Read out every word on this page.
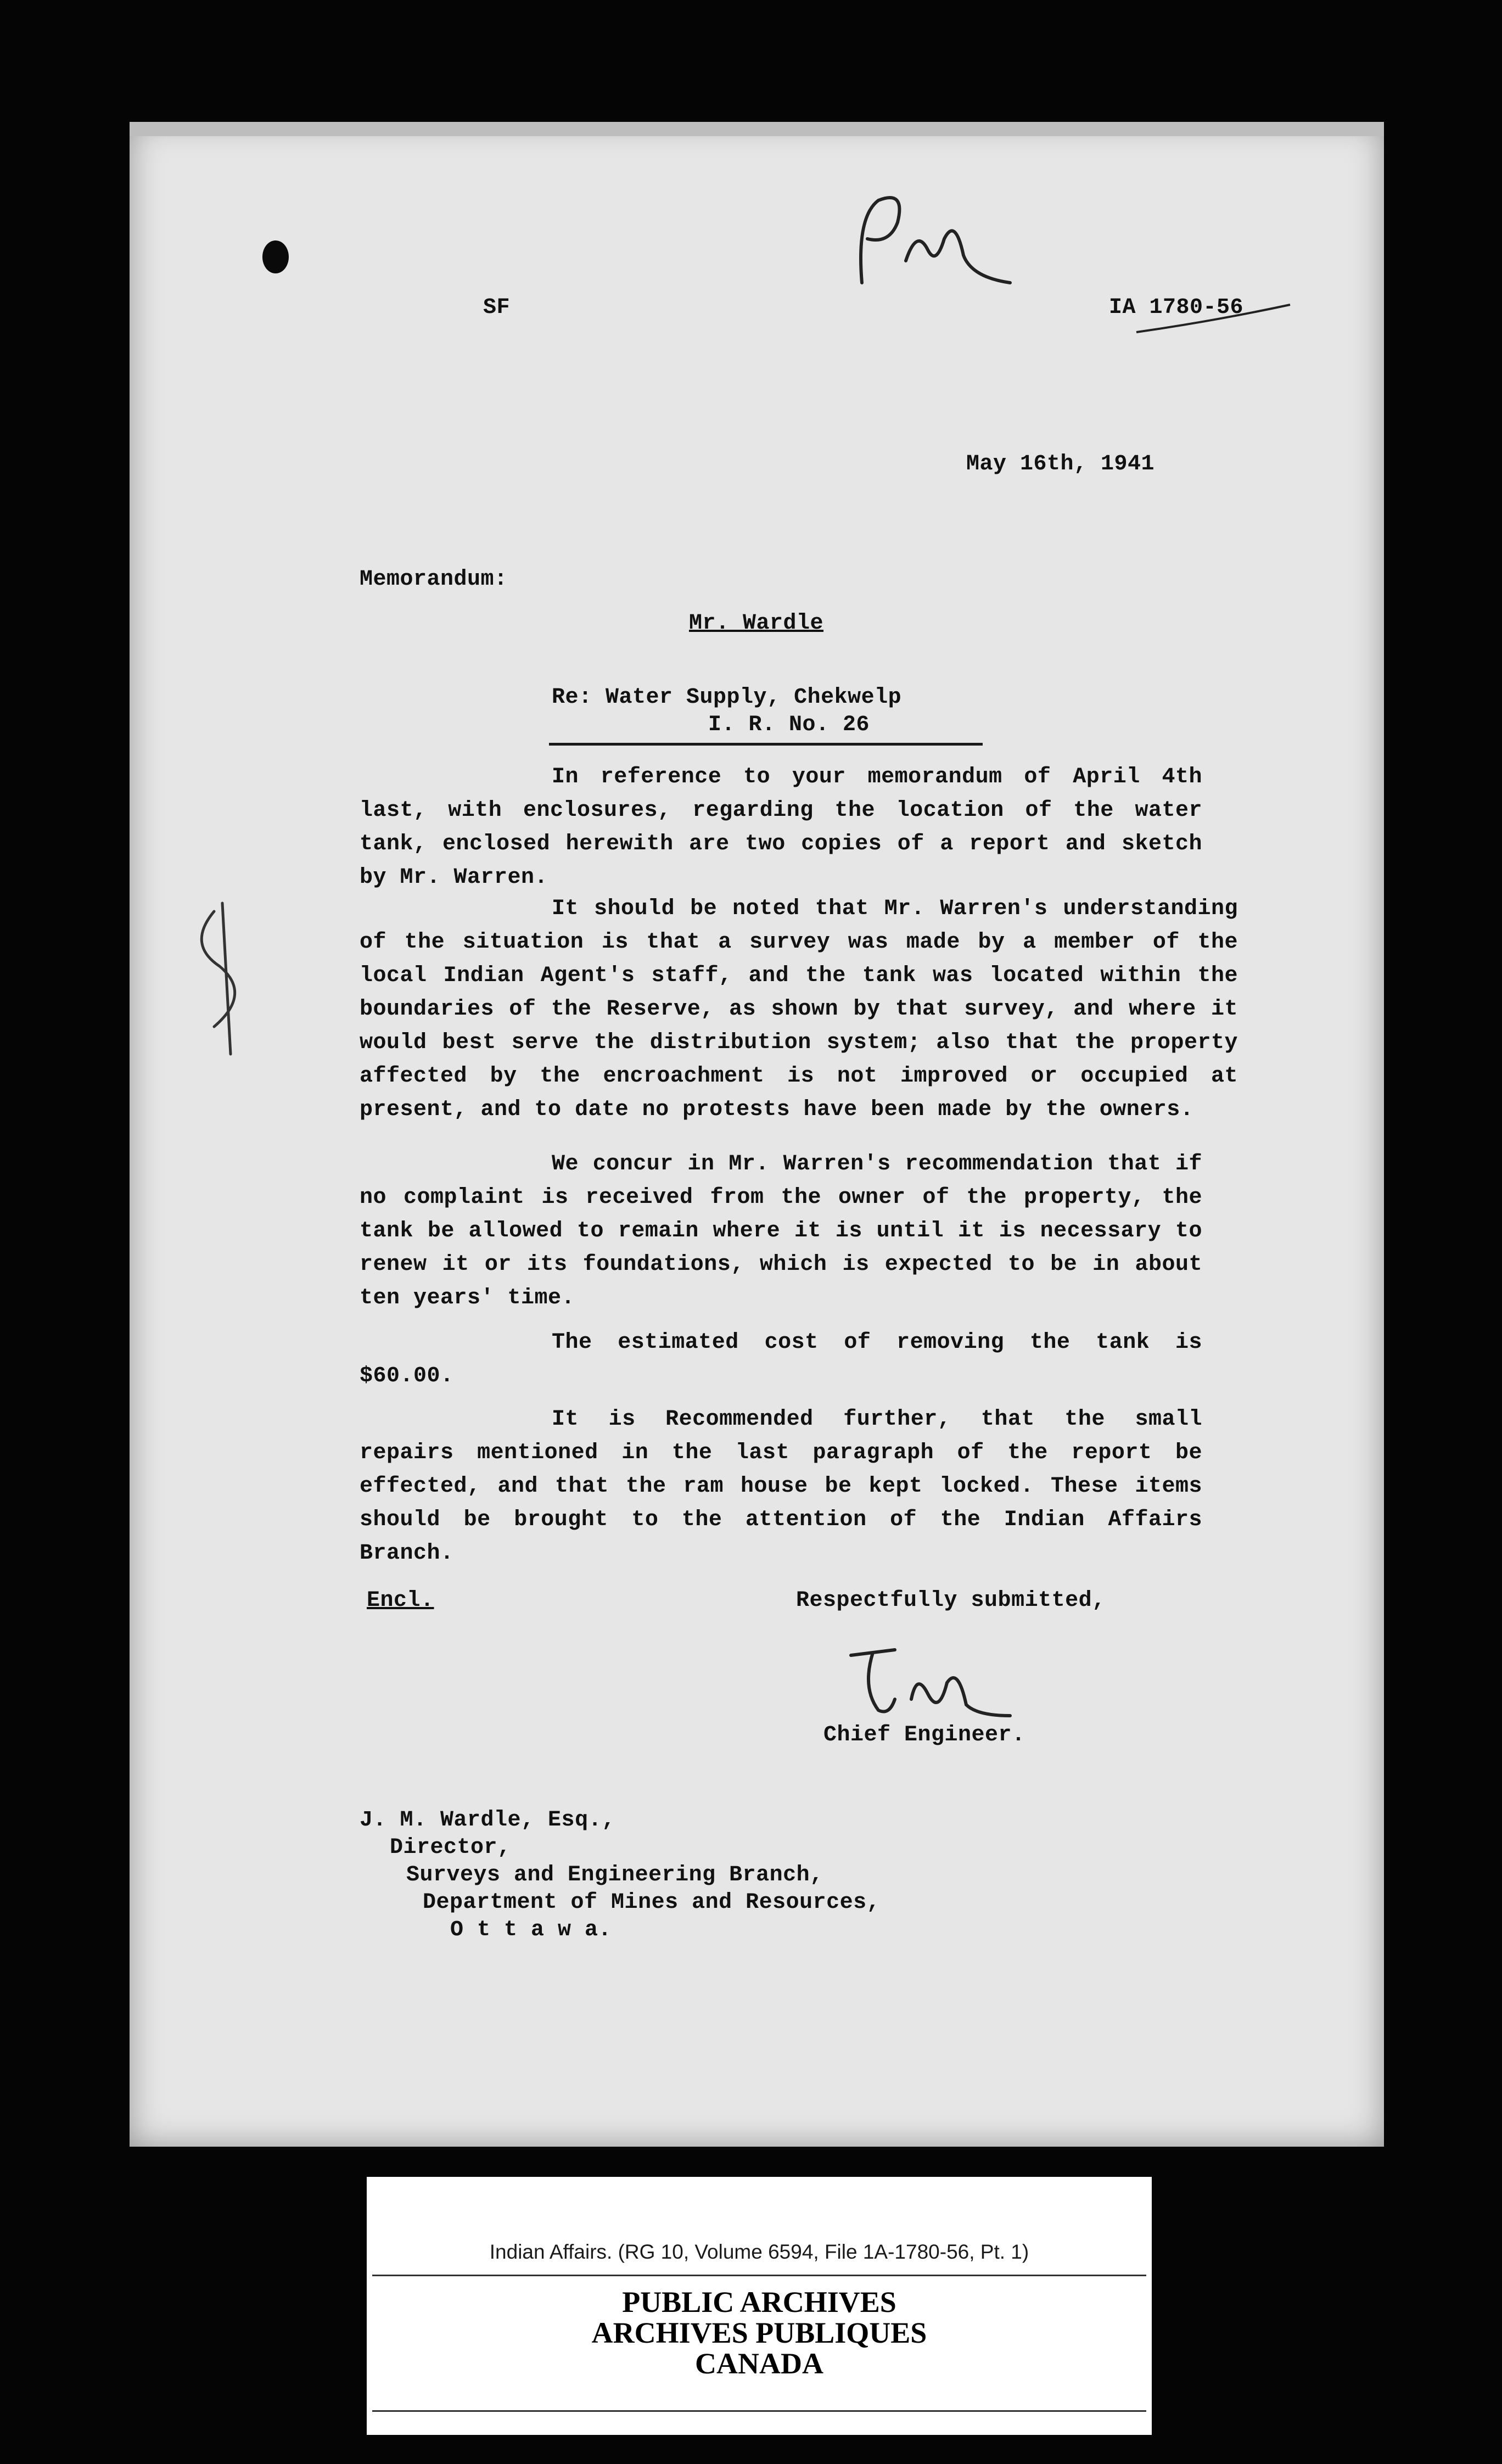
SF	IA 1780-56
May 16th, 1941
Memorandum:
Mr. Wardle
Re: Water Supply, Chekwelp
I. R. No. 26
In reference to your memorandum of April 4th last, with enclosures, regarding the location of the water tank, enclosed herewith are two copies of a report and sketch by Mr. Warren.
It should be noted that Mr. Warren's understanding of the situation is that a survey was made by a member of the local Indian Agent's staff, and the tank was located within the boundaries of the Reserve, as shown by that survey, and where it would best serve the distribution system; also that the property affected by the encroachment is not improved or occupied at present, and to date no protests have been made by the owners.
We concur in Mr. Warren's recommendation that if no complaint is received from the owner of the property, the tank be allowed to remain where it is until it is necessary to renew it or its foundations, which is expected to be in about ten years' time.
The estimated cost of removing the tank is $60.00.
It is Recommended further, that the small repairs mentioned in the last paragraph of the report be effected, and that the ram house be kept locked. These items should be brought to the attention of the Indian Affairs Branch.
Encl.	Respectfully submitted,
Chief Engineer.
J. M. Wardle, Esq.,
Director,
Surveys and Engineering Branch,
Department of Mines and Resources,
O t t a w a.
Indian Affairs. (RG 10, Volume 6594, File 1A-1780-56, Pt. 1)
PUBLIC ARCHIVES
ARCHIVES PUBLIQUES
CANADA
